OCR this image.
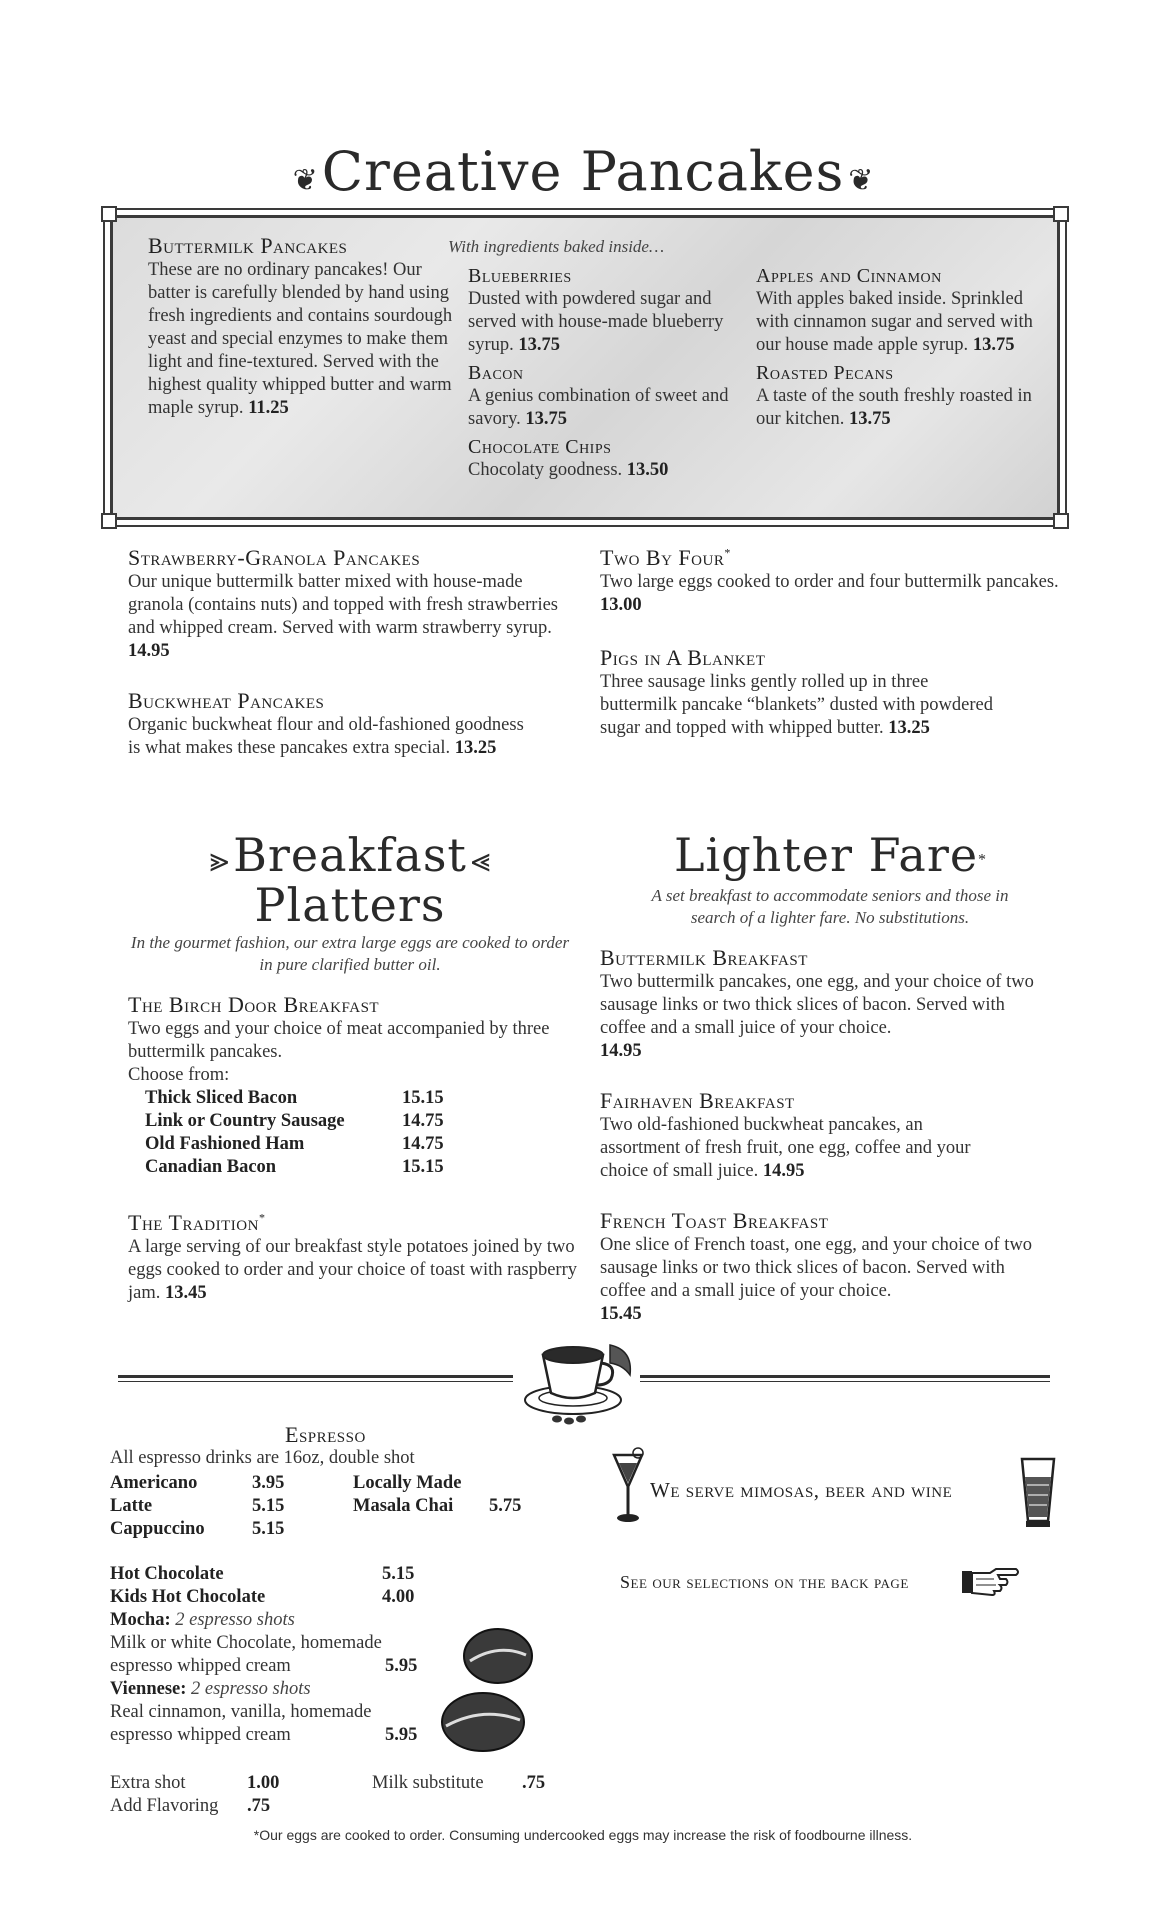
❦ Creative Pancakes ❦
Buttermilk Pancakes
These are no ordinary pancakes! Our batter is carefully blended by hand using fresh ingredients and contains sourdough yeast and special enzymes to make them light and fine-textured. Served with the highest quality whipped butter and warm maple syrup. 11.25
With ingredients baked inside…
Blueberries
Dusted with powdered sugar and served with house-made blueberry syrup. 13.75
Bacon
A genius combination of sweet and savory. 13.75
Chocolate Chips
Chocolaty goodness. 13.50
Apples and Cinnamon
With apples baked inside. Sprinkled with cinnamon sugar and served with our house made apple syrup. 13.75
Roasted Pecans
A taste of the south freshly roasted in our kitchen. 13.75
Strawberry-Granola Pancakes
Our unique buttermilk batter mixed with house-made granola (contains nuts) and topped with fresh strawberries and whipped cream. Served with warm strawberry syrup. 14.95
Buckwheat Pancakes
Organic buckwheat flour and old-fashioned goodness is what makes these pancakes extra special. 13.25
Two By Four*
Two large eggs cooked to order and four buttermilk pancakes. 13.00
Pigs in A Blanket
Three sausage links gently rolled up in three buttermilk pancake “blankets” dusted with powdered sugar and topped with whipped butter. 13.25
⪢ Breakfast ⪡
Platters
In the gourmet fashion, our extra large eggs are cooked to order in pure clarified butter oil.
The Birch Door Breakfast
Two eggs and your choice of meat accompanied by three buttermilk pancakes.
Choose from:
Thick Sliced Bacon	15.15
Link or Country Sausage	14.75
Old Fashioned Ham	14.75
Canadian Bacon	15.15
The Tradition*
A large serving of our breakfast style potatoes joined by two eggs cooked to order and your choice of toast with raspberry jam. 13.45
Lighter Fare*
A set breakfast to accommodate seniors and those in search of a lighter fare. No substitutions.
Buttermilk Breakfast
Two buttermilk pancakes, one egg, and your choice of two sausage links or two thick slices of bacon. Served with coffee and a small juice of your choice.
14.95
Fairhaven Breakfast
Two old-fashioned buckwheat pancakes, an assortment of fresh fruit, one egg, coffee and your choice of small juice. 14.95
French Toast Breakfast
One slice of French toast, one egg, and your choice of two sausage links or two thick slices of bacon. Served with coffee and a small juice of your choice.
15.45
Espresso
All espresso drinks are 16oz, double shot
Americano	3.95
Latte	5.15
Cappuccino	5.15
Locally Made
Masala Chai	5.75
Hot Chocolate	5.15
Kids Hot Chocolate	4.00
Mocha: 2 espresso shots
Milk or white Chocolate, homemade
espresso whipped cream	5.95
Viennese: 2 espresso shots
Real cinnamon, vanilla, homemade
espresso whipped cream	5.95
Extra shot	1.00	Milk substitute	.75
Add Flavoring	.75
We serve mimosas, beer and wine
See our selections on the back page
*Our eggs are cooked to order. Consuming undercooked eggs may increase the risk of foodbourne illness.
